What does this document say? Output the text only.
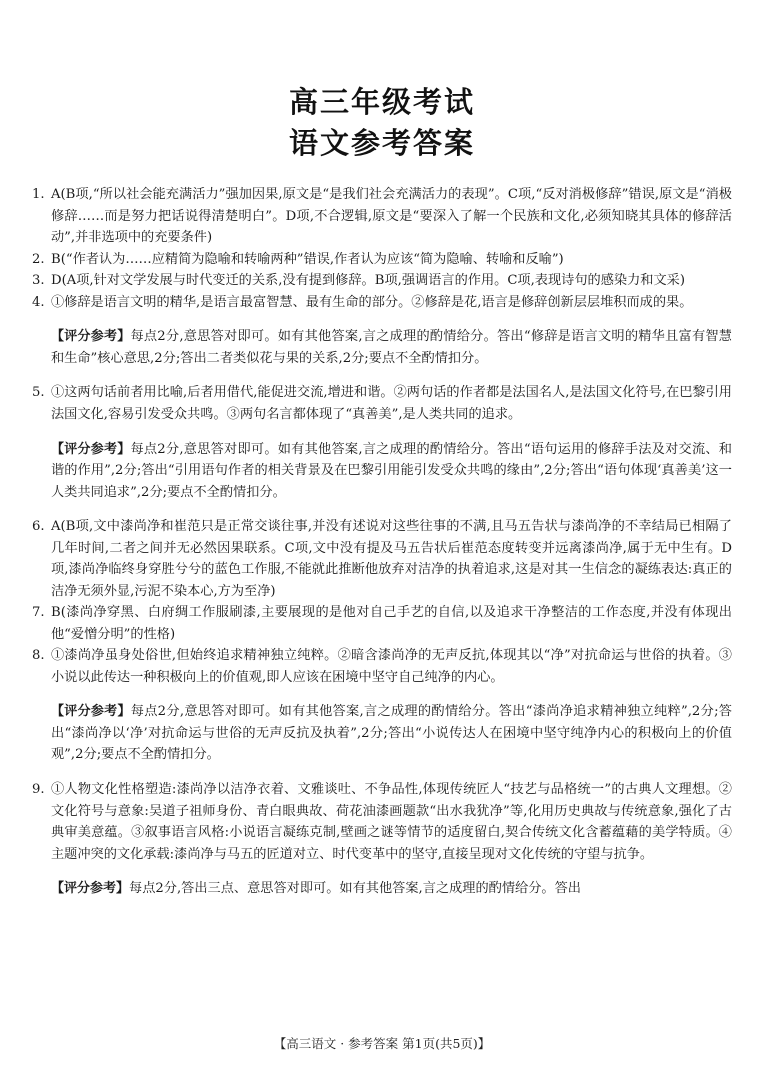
高三年级考试
语文参考答案
1. A(B项,“所以社会能充满活力”强加因果,原文是“是我们社会充满活力的表现”。C项,“反对消极修辞”错误,原文是“消极修辞……而是努力把话说得清楚明白”。D项,不合逻辑,原文是“要深入了解一个民族和文化,必须知晓其具体的修辞活动”,并非选项中的充要条件)

2. B(“作者认为……应精简为隐喻和转喻两种”错误,作者认为应该“简为隐喻、转喻和反喻”)

3. D(A项,针对文学发展与时代变迁的关系,没有提到修辞。B项,强调语言的作用。C项,表现诗句的感染力和文采)

4. ①修辞是语言文明的精华,是语言最富智慧、最有生命的部分。②修辞是花,语言是修辞创新层层堆积而成的果。

【评分参考】每点2分,意思答对即可。如有其他答案,言之成理的酌情给分。答出“修辞是语言文明的精华且富有智慧和生命”核心意思,2分;答出二者类似花与果的关系,2分;要点不全酌情扣分。

5. ①这两句话前者用比喻,后者用借代,能促进交流,增进和谐。②两句话的作者都是法国名人,是法国文化符号,在巴黎引用法国文化,容易引发受众共鸣。③两句名言都体现了“真善美”,是人类共同的追求。

【评分参考】每点2分,意思答对即可。如有其他答案,言之成理的酌情给分。答出“语句运用的修辞手法及对交流、和谐的作用”,2分;答出“引用语句作者的相关背景及在巴黎引用能引发受众共鸣的缘由”,2分;答出“语句体现‘真善美’这一人类共同追求”,2分;要点不全酌情扣分。

6. A(B项,文中漆尚净和崔范只是正常交谈往事,并没有述说对这些往事的不满,且马五告状与漆尚净的不幸结局已相隔了几年时间,二者之间并无必然因果联系。C项,文中没有提及马五告状后崔范态度转变并远离漆尚净,属于无中生有。D项,漆尚净临终身穿胜兮兮的蓝色工作服,不能就此推断他放弃对洁净的执着追求,这是对其一生信念的凝练表达:真正的洁净无须外显,污泥不染本心,方为至净)

7. B(漆尚净穿黑、白府绸工作服刷漆,主要展现的是他对自己手艺的自信,以及追求干净整洁的工作态度,并没有体现出他“爱憎分明”的性格)

8. ①漆尚净虽身处俗世,但始终追求精神独立纯粹。②暗含漆尚净的无声反抗,体现其以“净”对抗命运与世俗的执着。③小说以此传达一种积极向上的价值观,即人应该在困境中坚守自己纯净的内心。

【评分参考】每点2分,意思答对即可。如有其他答案,言之成理的酌情给分。答出“漆尚净追求精神独立纯粹”,2分;答出“漆尚净以‘净’对抗命运与世俗的无声反抗及执着”,2分;答出“小说传达人在困境中坚守纯净内心的积极向上的价值观”,2分;要点不全酌情扣分。

9. ①人物文化性格塑造:漆尚净以洁净衣着、文雅谈吐、不争品性,体现传统匠人“技艺与品格统一”的古典人文理想。②文化符号与意象:吴道子祖师身份、青白眼典故、荷花油漆画题款“出水我犹净”等,化用历史典故与传统意象,强化了古典审美意蕴。③叙事语言风格:小说语言凝练克制,壁画之谜等情节的适度留白,契合传统文化含蓄蕴藉的美学特质。④主题冲突的文化承载:漆尚净与马五的匠道对立、时代变革中的坚守,直接呈现对文化传统的守望与抗争。

【评分参考】每点2分,答出三点、意思答对即可。如有其他答案,言之成理的酌情给分。答出

【高三语文 · 参考答案 第1页(共5页)】
